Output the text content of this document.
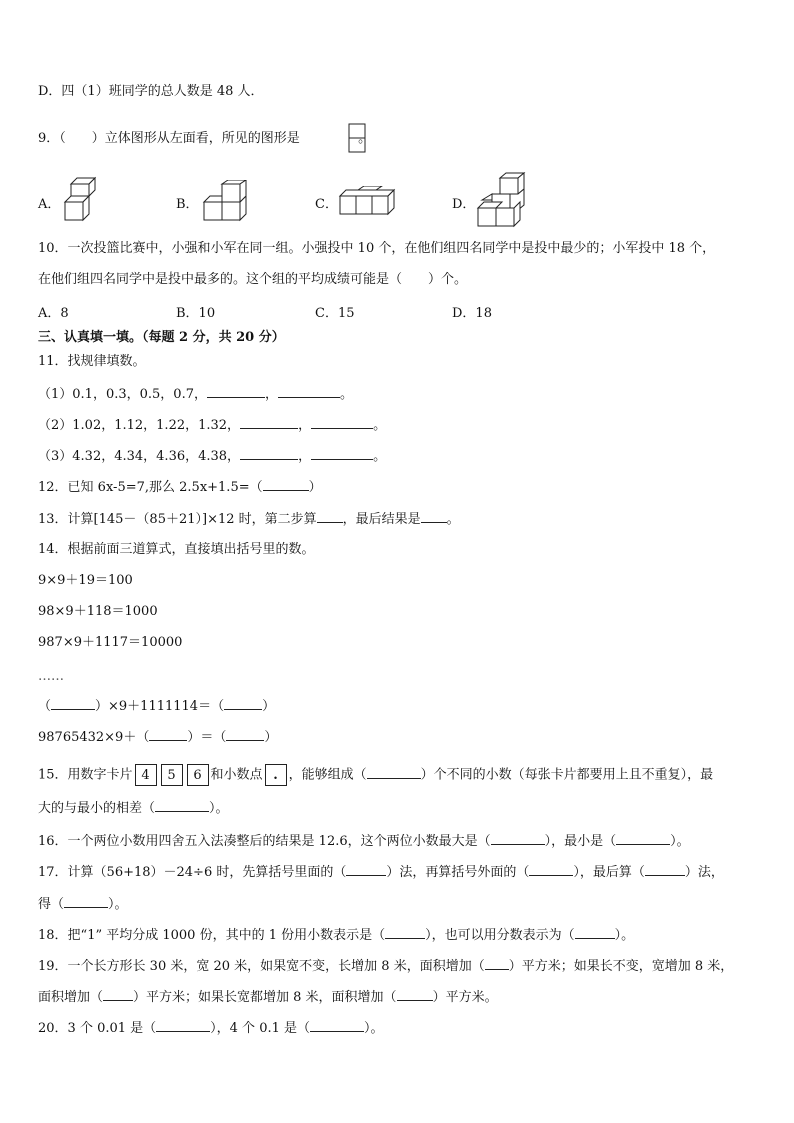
D．四（1）班同学的总人数是 48 人．
9．（　　）立体图形从左面看，所见的图形是	。
A．	B．	C．	D．
10．一次投篮比赛中，小强和小军在同一组。小强投中 10 个，在他们组四名同学中是投中最少的；小军投中 18 个，
在他们组四名同学中是投中最多的。这个组的平均成绩可能是（　　）个。
A．8	B．10	C．15	D．18
三、认真填一填。（每题 2 分，共 20 分）
11．找规律填数。
（1）0.1，0.3，0.5，0.7，	，	。
（2）1.02，1.12，1.22，1.32，	，	。
（3）4.32，4.34，4.36，4.38，	，	。
12．已知 6x-5=7,那么 2.5x+1.5=（	）
13．计算[145－（85＋21）]×12 时，第二步算 ，最后结果是 。
14．根据前面三道算式，直接填出括号里的数。
9×9＋19＝100
98×9＋118＝1000
987×9＋1117＝10000
……
（	）×9＋1111114＝（	）
98765432×9＋（	）＝（	）
15．用数字卡片 4 5 6 和小数点 . ，能够组成（	）个不同的小数（每张卡片都要用上且不重复），最
大的与最小的相差（	）。
16．一个两位小数用四舍五入法凑整后的结果是 12.6，这个两位小数最大是（	），最小是（	）。
17．计算（56+18）－24÷6 时，先算括号里面的（	）法，再算括号外面的（	），最后算（	）法，
得（	）。
18．把“1” 平均分成 1000 份，其中的 1 份用小数表示是（	），也可以用分数表示为（	）。
19．一个长方形长 30 米，宽 20 米，如果宽不变，长增加 8 米，面积增加（ ）平方米；如果长不变，宽增加 8 米，
面积增加（ ）平方米；如果长宽都增加 8 米，面积增加（	）平方米。
20．3 个 0.01 是（	），4 个 0.1 是（	）。
